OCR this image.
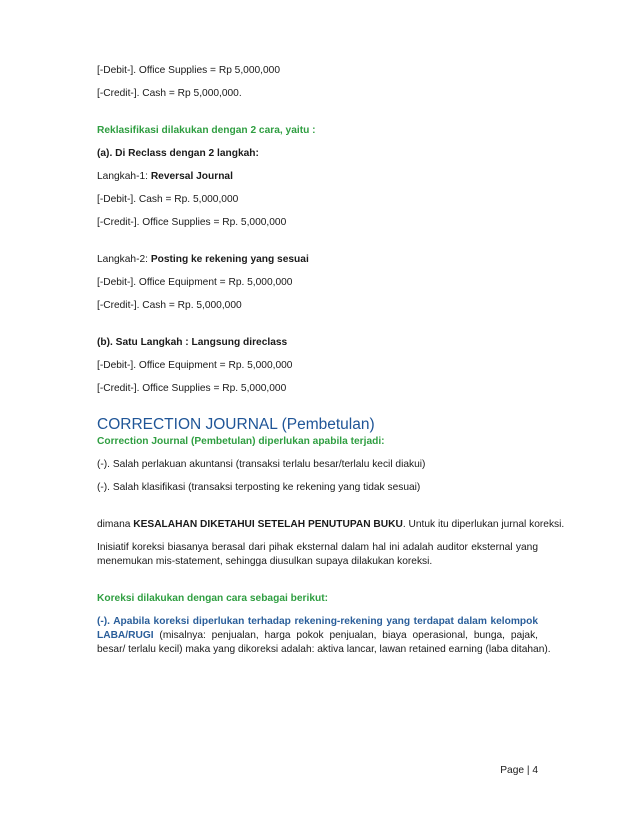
[-Debit-]. Office Supplies = Rp 5,000,000

[-Credit-]. Cash = Rp 5,000,000.

Reklasifikasi dilakukan dengan 2 cara, yaitu :

(a). Di Reclass dengan 2 langkah:

Langkah-1: Reversal Journal

[-Debit-]. Cash = Rp. 5,000,000

[-Credit-]. Office Supplies = Rp. 5,000,000

Langkah-2: Posting ke rekening yang sesuai

[-Debit-]. Office Equipment = Rp. 5,000,000

[-Credit-]. Cash = Rp. 5,000,000

(b). Satu Langkah : Langsung direclass

[-Debit-]. Office Equipment = Rp. 5,000,000

[-Credit-]. Office Supplies = Rp. 5,000,000

CORRECTION JOURNAL (Pembetulan)

Correction Journal (Pembetulan) diperlukan apabila terjadi:

(-). Salah perlakuan akuntansi (transaksi terlalu besar/terlalu kecil diakui)

(-). Salah klasifikasi (transaksi terposting ke rekening yang tidak sesuai)

dimana KESALAHAN DIKETAHUI SETELAH PENUTUPAN BUKU. Untuk itu diperlukan jurnal koreksi.

Inisiatif koreksi biasanya berasal dari pihak eksternal dalam hal ini adalah auditor eksternal yang

menemukan mis-statement, sehingga diusulkan supaya dilakukan koreksi.

Koreksi dilakukan dengan cara sebagai berikut:

(-). Apabila koreksi diperlukan terhadap rekening-rekening yang terdapat dalam kelompok

LABA/RUGI (misalnya: penjualan, harga pokok penjualan, biaya operasional, bunga, pajak,

besar/ terlalu kecil) maka yang dikoreksi adalah: aktiva lancar, lawan retained earning (laba ditahan).

Page | 4
